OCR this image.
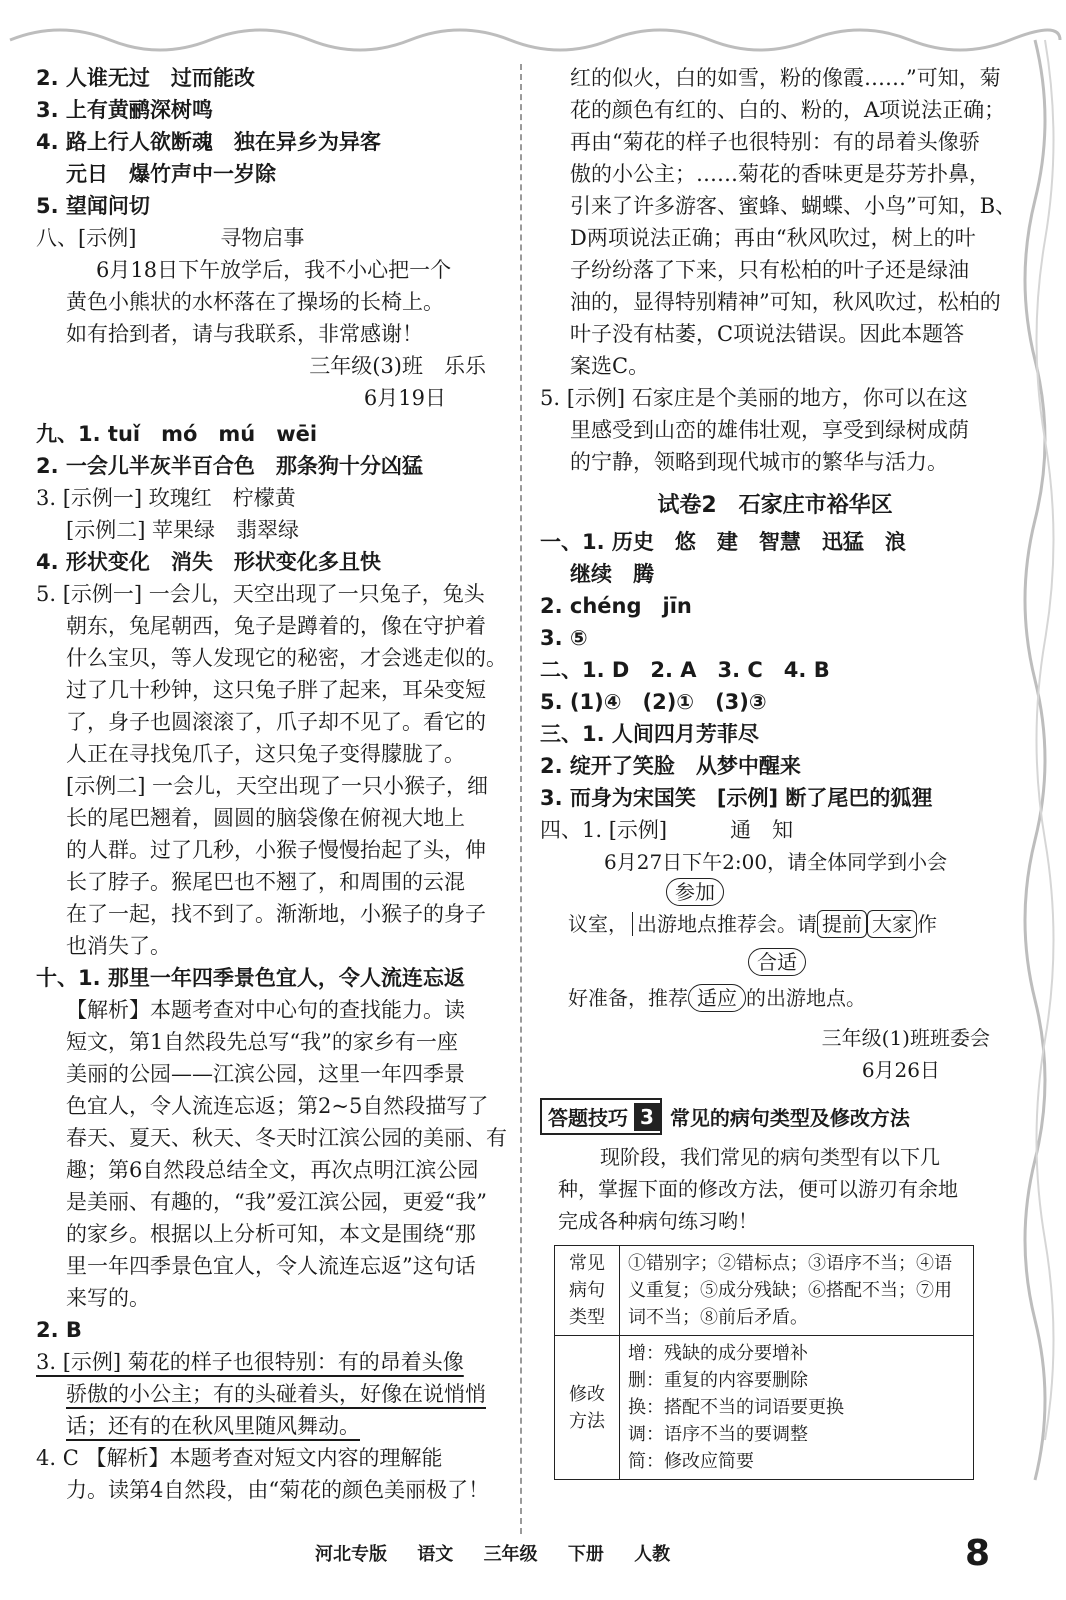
2. 人谁无过　过而能改
3. 上有黄鹂深树鸣
4. 路上行人欲断魂　独在异乡为异客
元日　爆竹声中一岁除
5. 望闻问切
八、[示例]　　　　寻物启事
6月18日下午放学后，我不小心把一个
黄色小熊状的水杯落在了操场的长椅上。
如有拾到者，请与我联系，非常感谢！
三年级(3)班　乐乐
6月19日
九、1. tuǐ　mó　mú　wēi
2. 一会儿半灰半百合色　那条狗十分凶猛
3. [示例一] 玫瑰红　柠檬黄
[示例二] 苹果绿　翡翠绿
4. 形状变化　消失　形状变化多且快
5. [示例一] 一会儿，天空出现了一只兔子，兔头
朝东，兔尾朝西，兔子是蹲着的，像在守护着
什么宝贝，等人发现它的秘密，才会逃走似的。
过了几十秒钟，这只兔子胖了起来，耳朵变短
了，身子也圆滚滚了，爪子却不见了。看它的
人正在寻找兔爪子，这只兔子变得朦胧了。
[示例二] 一会儿，天空出现了一只小猴子，细
长的尾巴翘着，圆圆的脑袋像在俯视大地上
的人群。过了几秒，小猴子慢慢抬起了头，伸
长了脖子。猴尾巴也不翘了，和周围的云混
在了一起，找不到了。渐渐地，小猴子的身子
也消失了。
十、1. 那里一年四季景色宜人，令人流连忘返
【解析】本题考查对中心句的查找能力。读
短文，第1自然段先总写“我”的家乡有一座
美丽的公园——江滨公园，这里一年四季景
色宜人，令人流连忘返；第2~5自然段描写了
春天、夏天、秋天、冬天时江滨公园的美丽、有
趣；第6自然段总结全文，再次点明江滨公园
是美丽、有趣的，“我”爱江滨公园，更爱“我”
的家乡。根据以上分析可知，本文是围绕“那
里一年四季景色宜人，令人流连忘返”这句话
来写的。
2. B
3. [示例] 菊花的样子也很特别：有的昂着头像
骄傲的小公主；有的头碰着头，好像在说悄悄
话；还有的在秋风里随风舞动。
4. C 【解析】本题考查对短文内容的理解能
力。读第4自然段，由“菊花的颜色美丽极了！
红的似火，白的如雪，粉的像霞……”可知，菊
花的颜色有红的、白的、粉的，A项说法正确；
再由“菊花的样子也很特别：有的昂着头像骄
傲的小公主；……菊花的香味更是芬芳扑鼻，
引来了许多游客、蜜蜂、蝴蝶、小鸟”可知，B、
D两项说法正确；再由“秋风吹过，树上的叶
子纷纷落了下来，只有松柏的叶子还是绿油
油的，显得特别精神”可知，秋风吹过，松柏的
叶子没有枯萎，C项说法错误。因此本题答
案选C。
5. [示例] 石家庄是个美丽的地方，你可以在这
里感受到山峦的雄伟壮观，享受到绿树成荫
的宁静，领略到现代城市的繁华与活力。
试卷2　石家庄市裕华区
一、1. 历史　悠　建　智慧　迅猛　浪
继续　腾
2. chéng　jīn
3. ⑤
二、1. D　2. A　3. C　4. B
5. (1)④　(2)①　(3)③
三、1. 人间四月芳菲尽
2. 绽开了笑脸　从梦中醒来
3. 而身为宋国笑　[示例] 断了尾巴的狐狸
四、1. [示例]　　　通　知
6月27日下午2:00，请全体同学到小会
参加
议室， 出游地点推荐会。请 提前 大家 作
合适
好准备，推荐 适应 的出游地点。
三年级(1)班班委会
6月26日
答题技巧 3 常见的病句类型及修改方法
现阶段，我们常见的病句类型有以下几
种，掌握下面的修改方法，便可以游刃有余地
完成各种病句练习哟！
常见病句类型	①错别字；②错标点；③语序不当；④语义重复；⑤成分残缺；⑥搭配不当；⑦用词不当；⑧前后矛盾。
修改方法	增：残缺的成分要增补
删：重复的内容要删除
换：搭配不当的词语要更换
调：语序不当的要调整
简：修改应简要
河北专版 语文 三年级 下册 人教	8
